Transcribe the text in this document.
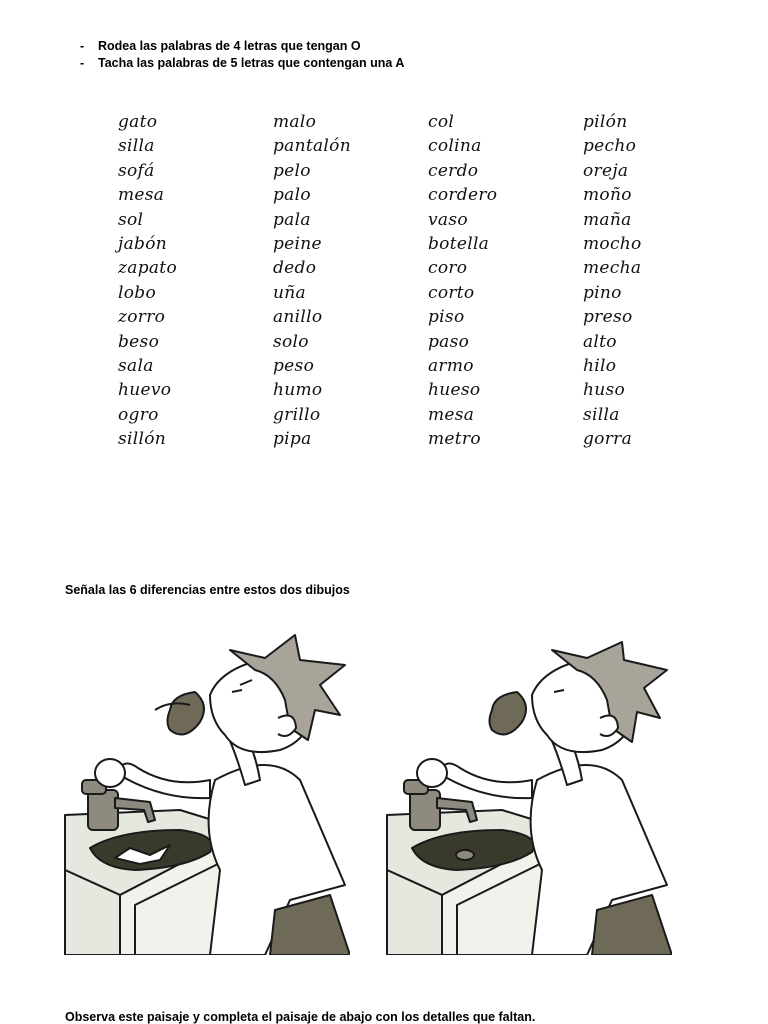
- Rodea las palabras de 4 letras que tengan O
- Tacha las palabras de 5 letras que contengan una A
gato
silla
sofá
mesa
sol
jabón
zapato
lobo
zorro
beso
sala
huevo
ogro
sillón
malo
pantalón
pelo
palo
pala
peine
dedo
uña
anillo
solo
peso
humo
grillo
pipa
col
colina
cerdo
cordero
vaso
botella
coro
corto
piso
paso
armo
hueso
mesa
metro
pilón
pecho
oreja
moño
maña
mocho
mecha
pino
preso
alto
hilo
huso
silla
gorra
Señala las 6 diferencias entre estos dos dibujos
Observa este paisaje y completa el paisaje de abajo con los detalles que faltan.
